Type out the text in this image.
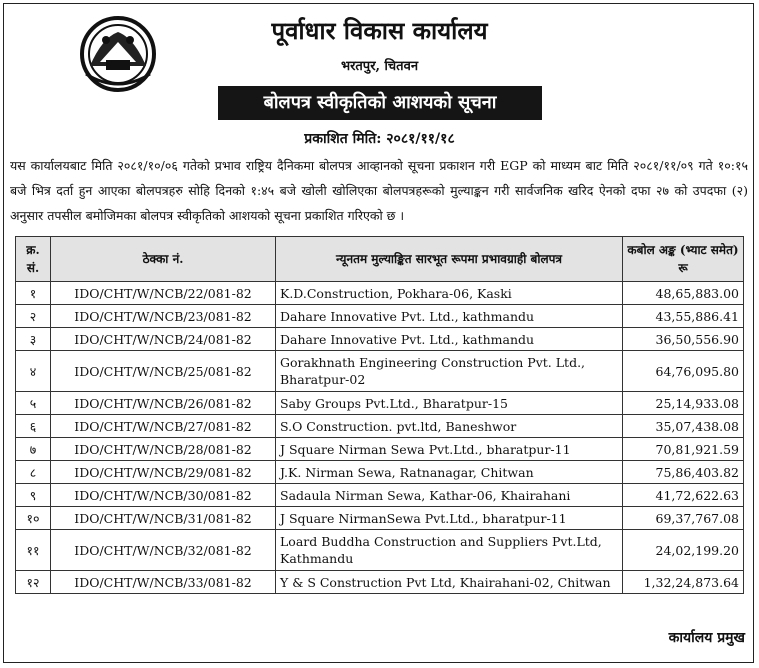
पूर्वाधार विकास कार्यालय
भरतपुर, चितवन
बोलपत्र स्वीकृतिको आशयको सूचना
प्रकाशित मिति: २०८१/११/१८
यस कार्यालयबाट मिति २०८१/१०/०६ गतेको प्रभाव राष्ट्रिय दैनिकमा बोलपत्र आव्हानको सूचना प्रकाशन गरी EGP को माध्यम बाट मिति २०८१/११/०९ गते १०:१५ बजे भित्र दर्ता हुन आएका बोलपत्रहरु सोहि दिनको १:४५ बजे खोली खोलिएका बोलपत्रहरूको मुल्याङ्कन गरी सार्वजनिक खरिद ऐनको दफा २७ को उपदफा (२) अनुसार तपसील बमोजिमका बोलपत्र स्वीकृतिको आशयको सूचना प्रकाशित गरिएको छ ।
क्र. सं.	ठेक्का नं.	न्यूनतम मुल्याङ्कित सारभूत रूपमा प्रभावग्राही बोलपत्र	कबोल अङ्क (भ्याट समेत) रू
१	IDO/CHT/W/NCB/22/081-82	K.D.Construction, Pokhara-06, Kaski	48,65,883.00
२	IDO/CHT/W/NCB/23/081-82	Dahare Innovative Pvt. Ltd., kathmandu	43,55,886.41
३	IDO/CHT/W/NCB/24/081-82	Dahare Innovative Pvt. Ltd., kathmandu	36,50,556.90
४	IDO/CHT/W/NCB/25/081-82	Gorakhnath Engineering Construction Pvt. Ltd., Bharatpur-02	64,76,095.80
५	IDO/CHT/W/NCB/26/081-82	Saby Groups Pvt.Ltd., Bharatpur-15	25,14,933.08
६	IDO/CHT/W/NCB/27/081-82	S.O Construction. pvt.ltd, Baneshwor	35,07,438.08
७	IDO/CHT/W/NCB/28/081-82	J Square Nirman Sewa Pvt.Ltd., bharatpur-11	70,81,921.59
८	IDO/CHT/W/NCB/29/081-82	J.K. Nirman Sewa, Ratnanagar, Chitwan	75,86,403.82
९	IDO/CHT/W/NCB/30/081-82	Sadaula Nirman Sewa, Kathar-06, Khairahani	41,72,622.63
१०	IDO/CHT/W/NCB/31/081-82	J Square NirmanSewa Pvt.Ltd., bharatpur-11	69,37,767.08
११	IDO/CHT/W/NCB/32/081-82	Loard Buddha Construction and Suppliers Pvt.Ltd, Kathmandu	24,02,199.20
१२	IDO/CHT/W/NCB/33/081-82	Y & S Construction Pvt Ltd, Khairahani-02, Chitwan	1,32,24,873.64
कार्यालय प्रमुख
